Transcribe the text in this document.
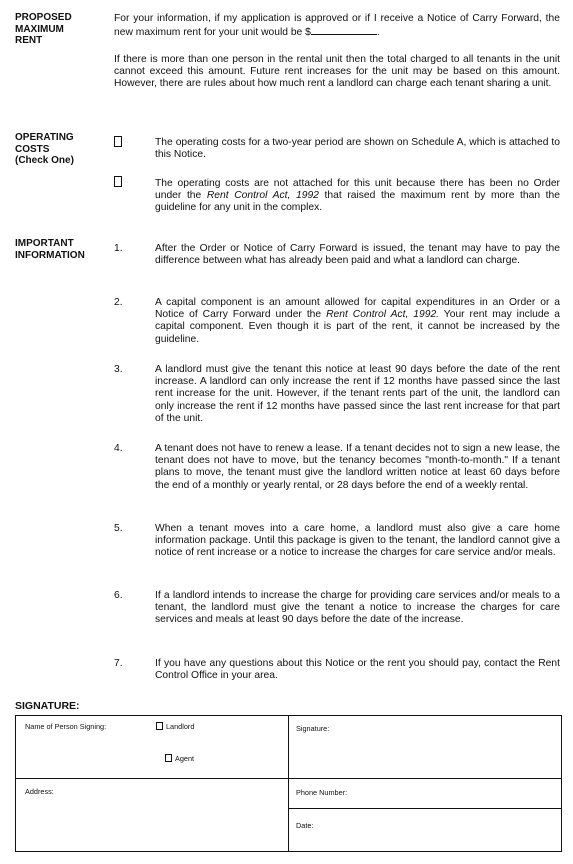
PROPOSED
MAXIMUM
RENT
For your information, if my application is approved or if I receive a Notice of Carry Forward, the new maximum rent for your unit would be $	.
If there is more than one person in the rental unit then the total charged to all tenants in the unit cannot exceed this amount. Future rent increases for the unit may be based on this amount. However, there are rules about how much rent a landlord can charge each tenant sharing a unit.
OPERATING
COSTS
(Check One)
The operating costs for a two-year period are shown on Schedule A, which is attached to this Notice.
The operating costs are not attached for this unit because there has been no Order under the Rent Control Act, 1992 that raised the maximum rent by more than the guideline for any unit in the complex.
IMPORTANT
INFORMATION
1.	After the Order or Notice of Carry Forward is issued, the tenant may have to pay the difference between what has already been paid and what a landlord can charge.
2.	A capital component is an amount allowed for capital expenditures in an Order or a Notice of Carry Forward under the Rent Control Act, 1992. Your rent may include a capital component. Even though it is part of the rent, it cannot be increased by the guideline.
3.	A landlord must give the tenant this notice at least 90 days before the date of the rent increase. A landlord can only increase the rent if 12 months have passed since the last rent increase for the unit. However, if the tenant rents part of the unit, the landlord can only increase the rent if 12 months have passed since the last rent increase for that part of the unit.
4.	A tenant does not have to renew a lease. If a tenant decides not to sign a new lease, the tenant does not have to move, but the tenancy becomes "month-to-month." If a tenant plans to move, the tenant must give the landlord written notice at least 60 days before the end of a monthly or yearly rental, or 28 days before the end of a weekly rental.
5.	When a tenant moves into a care home, a landlord must also give a care home information package. Until this package is given to the tenant, the landlord cannot give a notice of rent increase or a notice to increase the charges for care service and/or meals.
6.	If a landlord intends to increase the charge for providing care services and/or meals to a tenant, the landlord must give the tenant a notice to increase the charges for care services and meals at least 90 days before the date of the increase.
7.	If you have any questions about this Notice or the rent you should pay, contact the Rent Control Office in your area.
SIGNATURE:
Name of Person Signing:	Landlord
Agent
Signature:
Address:	Phone Number:
Date:
